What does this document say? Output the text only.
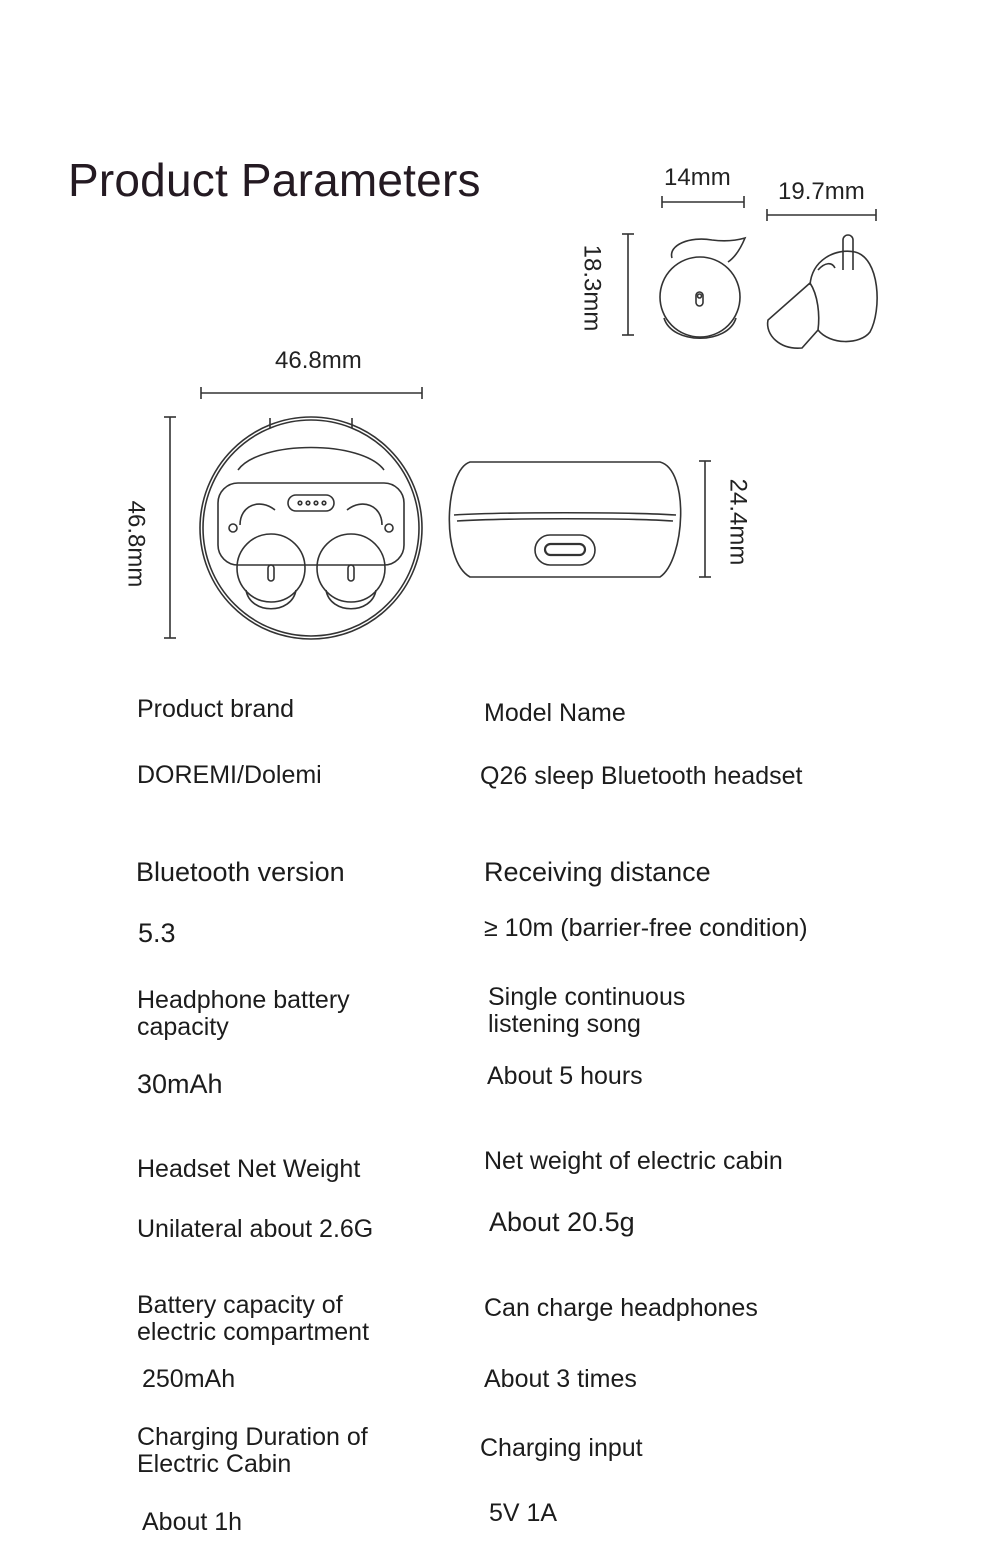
Product Parameters	14mm
19.7mm
18.3mm
46.8mm
46.8mm	24.4mm
Product brand
DOREMI/Dolemi
Model Name
Q26 sleep Bluetooth headset
Bluetooth version
5.3
Receiving distance
≥ 10m (barrier-free condition)
Headphone battery
capacity
30mAh
Single continuous
listening song
About 5 hours
Headset Net Weight
Unilateral about 2.6G
Net weight of electric cabin
About 20.5g
Battery capacity of
electric compartment
250mAh
Can charge headphones
About 3 times
Charging Duration of
Electric Cabin
About 1h
Charging input
5V 1A
